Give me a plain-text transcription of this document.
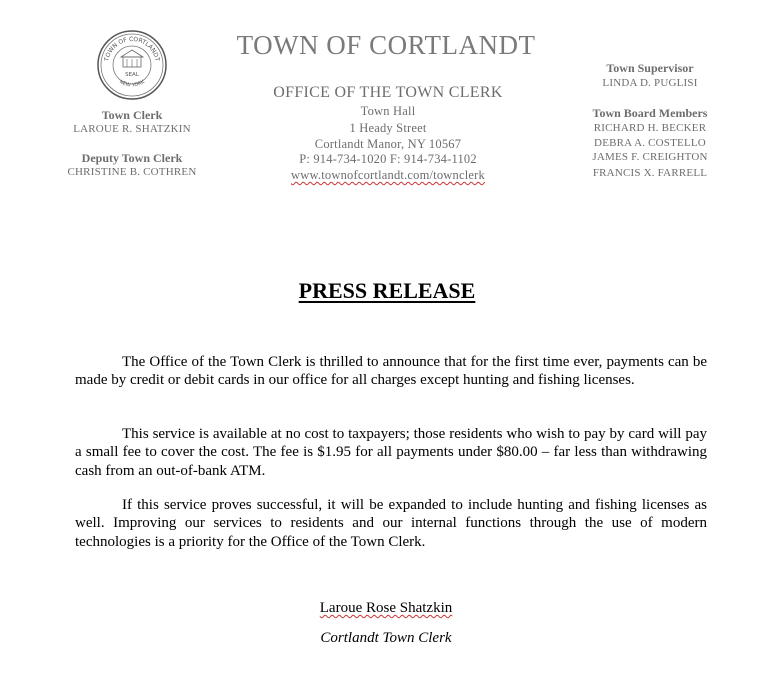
TOWN OF CORTLANDT
NEW YORK
SEAL
Town Clerk
LAROUE R. SHATZKIN
Deputy Town Clerk
CHRISTINE B. COTHREN
TOWN OF CORTLANDT
OFFICE OF THE TOWN CLERK
Town Hall
1 Heady Street
Cortlandt Manor, NY 10567
P: 914-734-1020 F: 914-734-1102
www.townofcortlandt.com/townclerk
Town Supervisor
LINDA D. PUGLISI
Town Board Members
RICHARD H. BECKER
DEBRA A. COSTELLO
JAMES F. CREIGHTON
FRANCIS X. FARRELL
PRESS RELEASE
The Office of the Town Clerk is thrilled to announce that for the first time ever, payments can be made by credit or debit cards in our office for all charges except hunting and fishing licenses.
This service is available at no cost to taxpayers; those residents who wish to pay by card will pay a small fee to cover the cost. The fee is $1.95 for all payments under $80.00 – far less than withdrawing cash from an out-of-bank ATM.
If this service proves successful, it will be expanded to include hunting and fishing licenses as well. Improving our services to residents and our internal functions through the use of modern technologies is a priority for the Office of the Town Clerk.
Laroue Rose Shatzkin
Cortlandt Town Clerk
